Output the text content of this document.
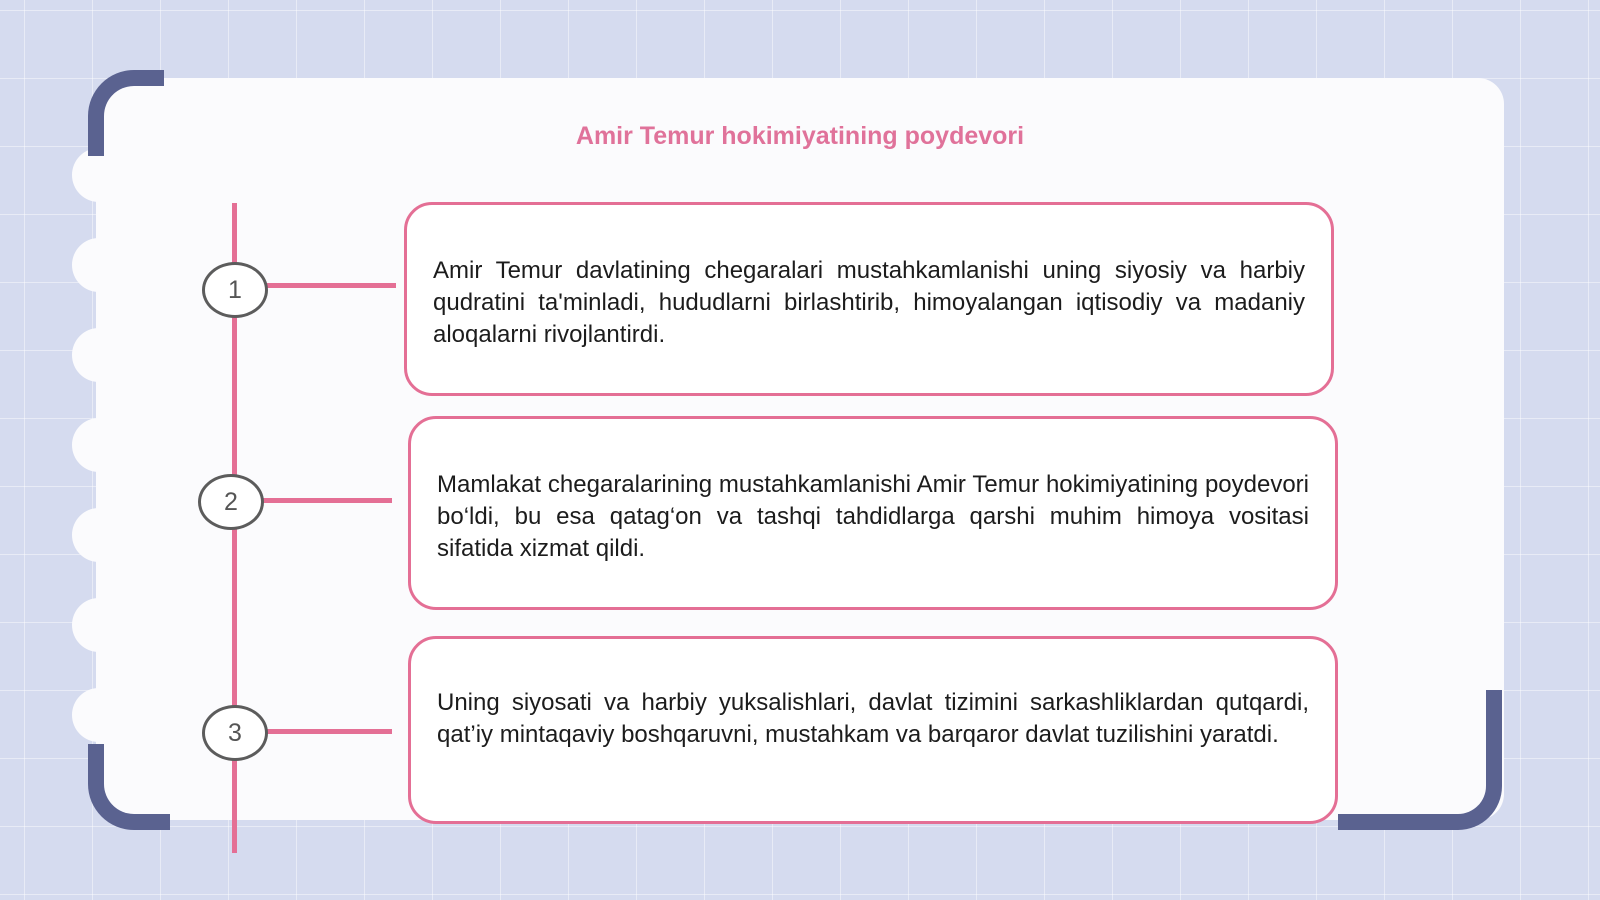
Amir Temur hokimiyatining poydevori
1
2
3

Amir Temur davlatining chegaralari mustahkamlanishi uning siyosiy va harbiy qudratini ta'minladi, hududlarni birlashtirib, himoyalangan iqtisodiy va madaniy aloqalarni rivojlantirdi.

Mamlakat chegaralarining mustahkamlanishi Amir Temur hokimiyatining poydevori bo‘ldi, bu esa qatag‘on va tashqi tahdidlarga qarshi muhim himoya vositasi sifatida xizmat qildi.

Uning siyosati va harbiy yuksalishlari, davlat tizimini sarkashliklardan qutqardi, qat’iy mintaqaviy boshqaruvni, mustahkam va barqaror davlat tuzilishini yaratdi.
